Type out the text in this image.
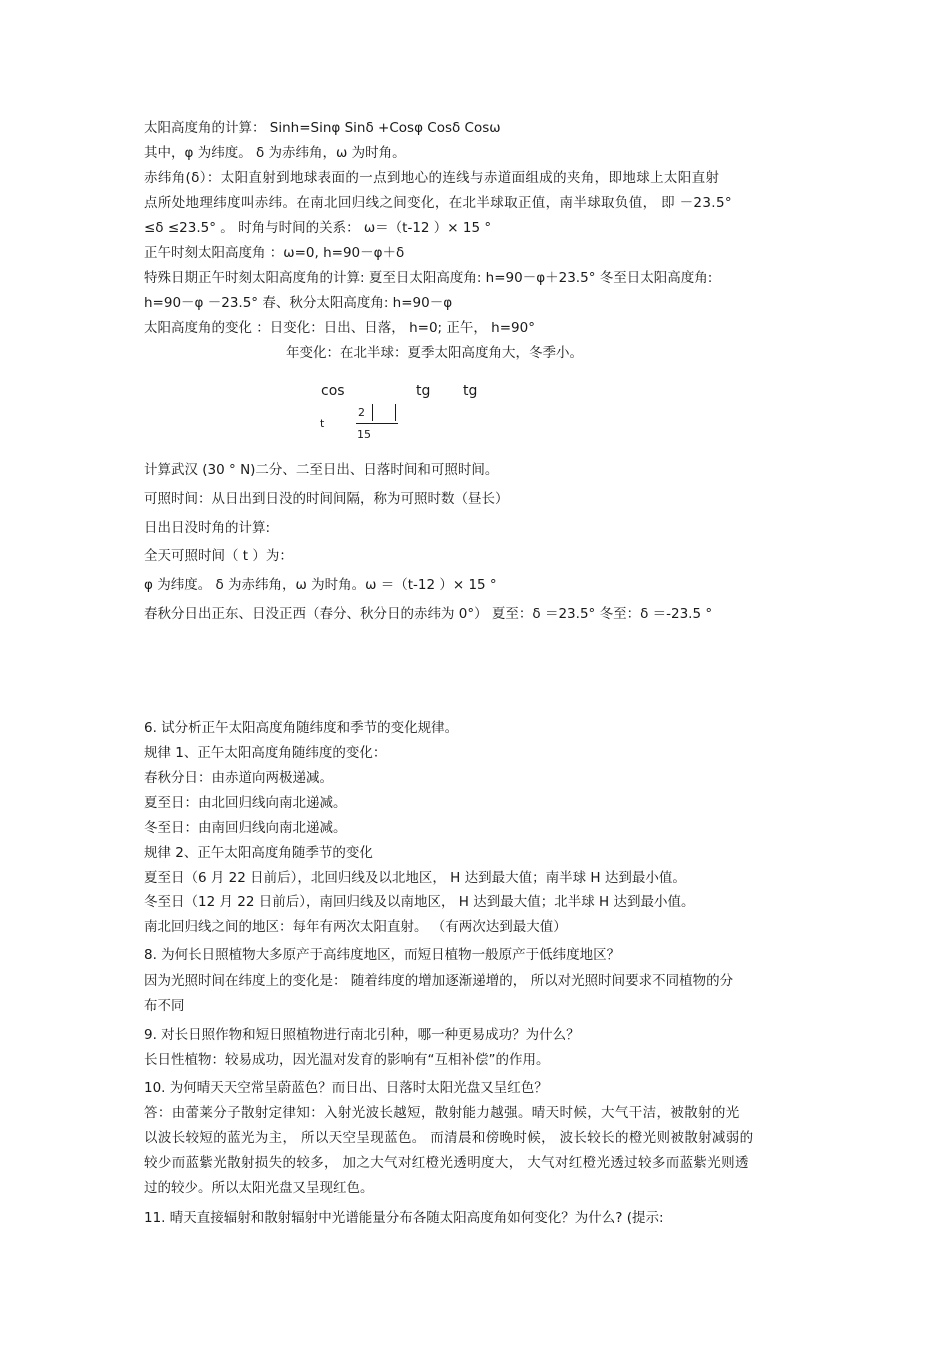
太阳高度角的计算： Sinh=Sinφ Sinδ +Cosφ Cosδ Cosω
其中，φ 为纬度。 δ 为赤纬角，ω 为时角。
赤纬角(δ）：太阳直射到地球表面的一点到地心的连线与赤道面组成的夹角，即地球上太阳直射
点所处地理纬度叫赤纬。在南北回归线之间变化，在北半球取正值，南半球取负值， 即 －23.5°
≤δ ≤23.5° 。 时角与时间的关系： ω＝（t-12 ）× 15 °
正午时刻太阳高度角 ：ω=0, h=90－φ＋δ
特殊日期正午时刻太阳高度角的计算: 夏至日太阳高度角: h=90－φ＋23.5° 冬至日太阳高度角:
h=90－φ －23.5° 春、秋分太阳高度角: h=90－φ
太阳高度角的变化 ：日变化：日出、日落， h=0; 正午， h=90°
年变化：在北半球：夏季太阳高度角大，冬季小。
cos	tg tg
t
2
15
计算武汉 (30 ° N)二分、二至日出、日落时间和可照时间。
可照时间：从日出到日没的时间间隔，称为可照时数（昼长）
日出日没时角的计算:
全天可照时间（ t ）为：
φ 为纬度。 δ 为赤纬角，ω 为时角。ω ＝（t-12 ）× 15 °
春秋分日出正东、日没正西（春分、秋分日的赤纬为 0°） 夏至：δ ＝23.5° 冬至：δ ＝-23.5 °
6. 试分析正午太阳高度角随纬度和季节的变化规律。
规律 1、正午太阳高度角随纬度的变化：
春秋分日：由赤道向两极递减。
夏至日：由北回归线向南北递减。
冬至日：由南回归线向南北递减。
规律 2、正午太阳高度角随季节的变化
夏至日（6 月 22 日前后），北回归线及以北地区， H 达到最大值；南半球 H 达到最小值。
冬至日（12 月 22 日前后），南回归线及以南地区， H 达到最大值；北半球 H 达到最小值。
南北回归线之间的地区：每年有两次太阳直射。 （有两次达到最大值）
8. 为何长日照植物大多原产于高纬度地区，而短日植物一般原产于低纬度地区？
因为光照时间在纬度上的变化是： 随着纬度的增加逐渐递增的， 所以对光照时间要求不同植物的分
布不同
9. 对长日照作物和短日照植物进行南北引种，哪一种更易成功？为什么？
长日性植物：较易成功，因光温对发育的影响有“互相补偿”的作用。
10. 为何晴天天空常呈蔚蓝色？而日出、日落时太阳光盘又呈红色？
答：由蕾莱分子散射定律知：入射光波长越短，散射能力越强。晴天时候，大气干洁，被散射的光
以波长较短的蓝光为主， 所以天空呈现蓝色。 而清晨和傍晚时候， 波长较长的橙光则被散射减弱的
较少而蓝紫光散射损失的较多， 加之大气对红橙光透明度大， 大气对红橙光透过较多而蓝紫光则透
过的较少。所以太阳光盘又呈现红色。
11. 晴天直接辐射和散射辐射中光谱能量分布各随太阳高度角如何变化？为什么? (提示:
